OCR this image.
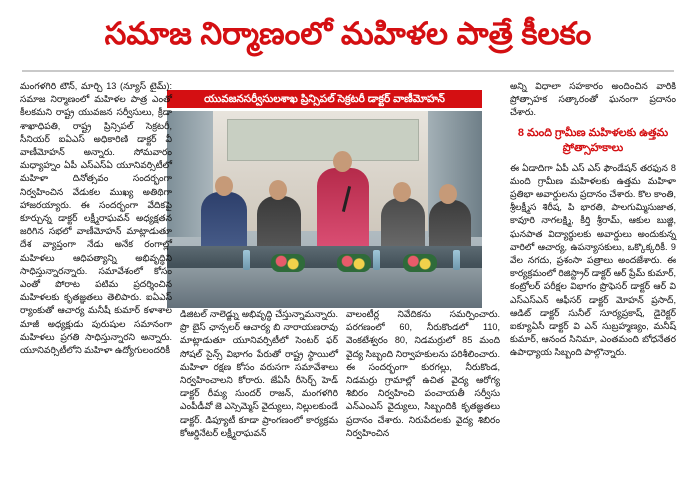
సమాజ నిర్మాణంలో మహిళల పాత్రే కీలకం
యువజనసర్వీసులశాఖ ప్రిన్సిపల్ సెక్రటరీ డాక్టర్ వాణీమోహన్

మంగళగిరి టౌన్, మార్చి 13 (న్యూస్ టైమ్): సమాజ నిర్మాణంలో మహిళల పాత్ర ఎంతో కీలకమని రాష్ట్ర యువజన సర్వీసులు, క్రీడా శాఖాధిపతి, రాష్ట్ర ప్రిన్సిపల్ సెక్రటరీ, సీనియర్ ఐఏఎస్ అధికారిణి డాక్టర్ వీ వాణీమోహన్ అన్నారు. సోమవారం మధ్యాహ్నం ఏపీ ఎస్ఎస్ఏ యూనివర్సిటీలో మహిళా దినోత్సవం సందర్భంగా నిర్వహించిన వేడుకల ముఖ్య అతిథిగా హాజరయ్యారు. ఈ సందర్భంగా వేదికపై కూర్చున్న డాక్టర్ లక్ష్మీరాఘవన్ అధ్యక్షతన జరిగిన సభలో వాణీమోహన్ మాట్లాడుతూ దేశ వ్యాప్తంగా నేడు అనేక రంగాల్లో మహిళలు ఆధిపత్యాన్ని అభివృద్ధిని సాధిస్తున్నారన్నారు. సమావేశంలో కోసం ఎంతో పోరాట పటిమ ప్రదర్శించిన మహిళలకు కృతజ్ఞతలు తెలిపారు. ఐఏఎస్ ర్యాంకుతో ఆచార్య మనీషీ కుమార్ కళాశాల మాజీ అధ్యక్షుడు పురుషుల సమానంగా మహిళలు ప్రగతి సాధిస్తున్నారని అన్నారు. యూనివర్సిటీలోని మహిళా ఉద్యోగులందరికీ

డిజిటల్ నాలెడ్జ్ను అభివృద్ధి చేస్తున్నామన్నారు. ప్రొ బైస్ ఛాన్సలర్ ఆచార్య బి నారాయణరావు మాట్లాడుతూ యూనివర్సిటీలో సెంటర్ ఫర్ సోషల్ సైన్స్ విభాగం పేరుతో రాష్ట్ర స్థాయిలో మహిళా రక్షణ కోసం వరుసగా సమావేశాలు నిర్వహించాలని కోరారు. జేఏసీ రీసెర్చ్ హెడ్ డాక్టర్ రీమ్య సుందర్ రాజన్, మంగళగిరి ఎంపీడీవో జె ఎస్సెమ్మెస్ వైద్యులు, నిల్లులకుండే డాక్టర్. డిప్యూటీ కూడా ప్రాంగణంలో కార్యక్రమ కోఆర్డినేటర్ లక్ష్మీరాఘవన్

వాలంటీర్ల నివేదికను సమర్పించారు. పరగణంలో 60, నీరుకొండలో 110, వెంకటేశ్వరం 80, నిడమర్రులో 85 మంది వైద్య సిబ్బంది నిర్వాహకులను పరిశీలించారు. ఈ సందర్భంగా కురగల్లు, నీరుకొండ, నిడమర్రు గ్రామాల్లో ఉచిత వైద్య ఆరోగ్య శిబిరం నిర్వహించి పంచాయతీ సర్వీసు ఎన్ఎంఎస్ వైద్యులు, సిబ్బందికి కృతజ్ఞతలు ప్రదానం చేశారు. నిరుపేదలకు వైద్య శిబిరం నిర్వహించిన

అన్ని విధాలా సహకారం అందించిన వారికి ప్రోత్సాహక సత్కారంతో ఘనంగా ప్రదానం చేశారు.

8 మంది గ్రామీణ మహిళలకు ఉత్తమ ప్రోత్సాహకాలు

ఈ ఏడాదిగా ఏపీ ఎస్ ఎస్ ఫౌండేషన్ తరఫున 8 మంది గ్రామీణ మహిళలకు ఉత్తమ మహిళా ప్రతిభా అవార్డులను ప్రదానం చేశారు. కొల కాంతి, శ్రీలక్ష్మీస శిరీష, పి భారతి, పాలగుమ్మిసుజాత, కావూరి నాగలక్ష్మి, కీర్తి శ్రీరామ్, ఆకుల బుజ్జి, ఘనపాత విద్యార్థులకు అవార్డులు అందుకున్న వారిలో ఆచార్య, ఉపన్యాసకులు, ఒక్కొక్కరికీ. 9 వేల నగదు, ప్రశంసా పత్రాలు అందజేశారు. ఈ కార్యక్రమంలో రిజిస్ట్రార్ డాక్టర్ ఆర్ ప్రేమ్ కుమార్, కంట్రోలర్ పరీక్షల విభాగం ప్రొఫెసర్ డాక్టర్ ఆర్ వి ఎస్ఎస్ఎన్ ఆఫీసర్ డాక్టర్ మోహన్ ప్రసాద్, ఆడిట్ డాక్టర్ సునీల్ సూర్యప్రకాష్, డైరెక్టర్ ఐక్యూఏసీ డాక్టర్ వి ఎన్ సుబ్రహ్మణ్యం, మనీష్ కుమార్, ఆనంద సినిమా, ఎంతమంది బోధనేతర ఉపాధ్యాయ సిబ్బంది పాల్గొన్నారు.
